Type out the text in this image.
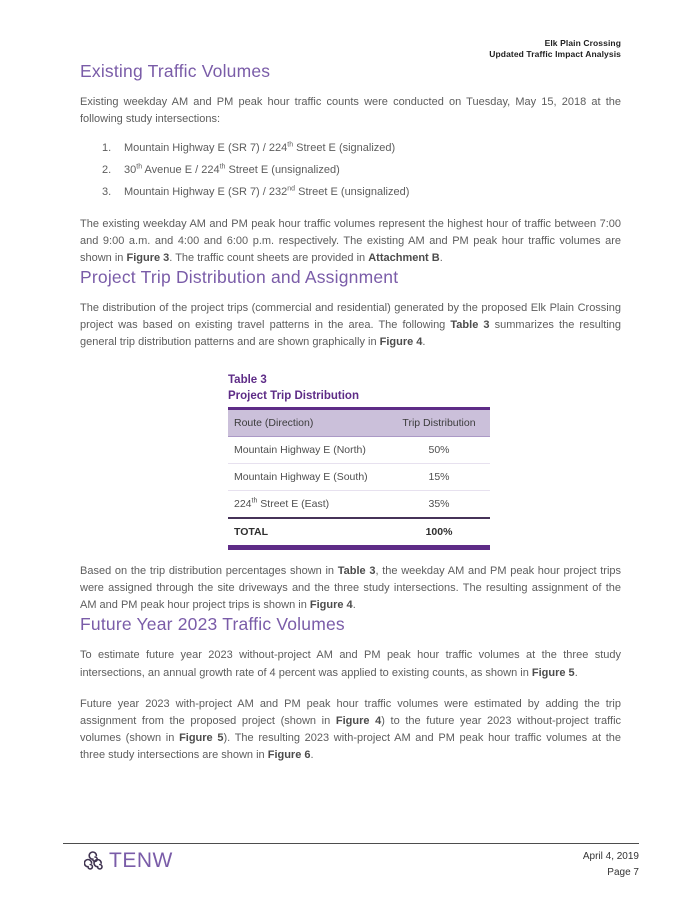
Elk Plain Crossing
Updated Traffic Impact Analysis
Existing Traffic Volumes

Existing weekday AM and PM peak hour traffic counts were conducted on Tuesday, May 15, 2018 at the following study intersections:

1.	Mountain Highway E (SR 7) / 224th Street E (signalized)
2.	30th Avenue E / 224th Street E (unsignalized)
3.	Mountain Highway E (SR 7) / 232nd Street E (unsignalized)

The existing weekday AM and PM peak hour traffic volumes represent the highest hour of traffic between 7:00 and 9:00 a.m. and 4:00 and 6:00 p.m. respectively. The existing AM and PM peak hour traffic volumes are shown in Figure 3. The traffic count sheets are provided in Attachment B.

Project Trip Distribution and Assignment

The distribution of the project trips (commercial and residential) generated by the proposed Elk Plain Crossing project was based on existing travel patterns in the area. The following Table 3 summarizes the resulting general trip distribution patterns and are shown graphically in Figure 4.

Table 3
Project Trip Distribution
Route (Direction)	Trip Distribution
Mountain Highway E (North)	50%
Mountain Highway E (South)	15%
224th Street E (East)	35%
TOTAL	100%

Based on the trip distribution percentages shown in Table 3, the weekday AM and PM peak hour project trips were assigned through the site driveways and the three study intersections. The resulting assignment of the AM and PM peak hour project trips is shown in Figure 4.

Future Year 2023 Traffic Volumes

To estimate future year 2023 without-project AM and PM peak hour traffic volumes at the three study intersections, an annual growth rate of 4 percent was applied to existing counts, as shown in Figure 5.

Future year 2023 with-project AM and PM peak hour traffic volumes were estimated by adding the trip assignment from the proposed project (shown in Figure 4) to the future year 2023 without-project traffic volumes (shown in Figure 5). The resulting 2023 with-project AM and PM peak hour traffic volumes at the three study intersections are shown in Figure 6.

TENW	April 4, 2019
Page 7
